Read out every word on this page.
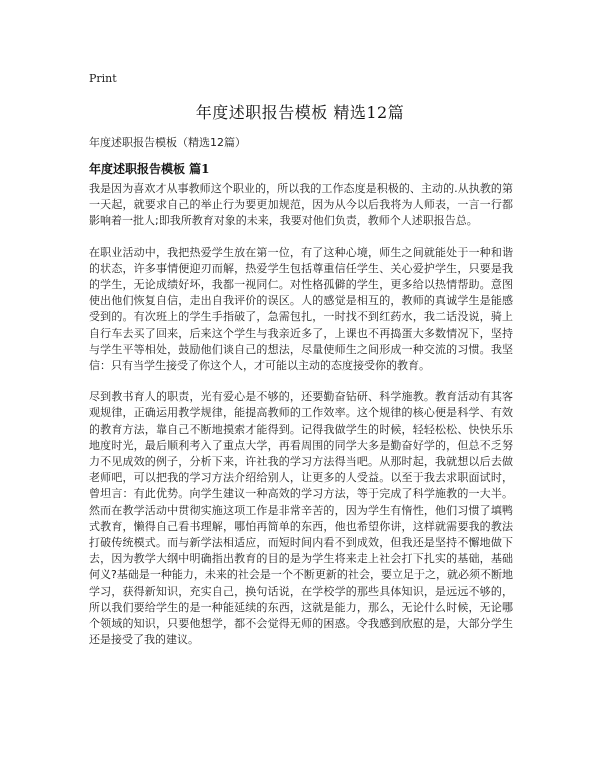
Print
年度述职报告模板 精选12篇
年度述职报告模板（精选12篇）
年度述职报告模板 篇1

我是因为喜欢才从事教师这个职业的，所以我的工作态度是积极的、主动的.从执教的第一天起，就要求自己的举止行为要更加规范，因为从今以后我将为人师表，一言一行都影响着一批人;即我所教育对象的未来，我要对他们负责，教师个人述职报告总。

在职业活动中，我把热爱学生放在第一位，有了这种心境，师生之间就能处于一种和谐的状态，许多事情便迎刃而解，热爱学生包括尊重信任学生、关心爱护学生，只要是我的学生，无论成绩好坏，我都一视同仁。对性格孤僻的学生，更多给以热情帮助。意图使出他们恢复自信，走出自我评价的误区。人的感觉是相互的，教师的真诚学生是能感受到的。有次班上的学生手指破了，急需包扎，一时找不到红药水，我二话没说，骑上自行车去买了回来，后来这个学生与我亲近多了，上课也不再捣蛋大多数情况下，坚持与学生平等相处，鼓励他们谈自己的想法，尽量使师生之间形成一种交流的习惯。我坚信：只有当学生接受了你这个人，才可能以主动的态度接受你的教育。

尽到教书育人的职责，光有爱心是不够的，还要勤奋钻研、科学施教。教育活动有其客观规律，正确运用教学规律，能提高教师的工作效率。这个规律的核心便是科学、有效的教育方法，靠自己不断地摸索才能得到。记得我做学生的时候，轻轻松松、快快乐乐地度时光，最后顺利考入了重点大学，再看周围的同学大多是勤奋好学的，但总不乏努力不见成效的例子，分析下来，许社我的学习方法得当吧。从那时起，我就想以后去做老师吧，可以把我的学习方法介绍给别人，让更多的人受益。以至于我去求职面试时，曾坦言：有此优势。向学生建议一种高效的学习方法，等于完成了科学施教的一大半。然而在教学活动中贯彻实施这项工作是非常辛苦的，因为学生有惰性，他们习惯了填鸭式教育，懒得自己看书理解，哪怕再简单的东西，他也希望你讲，这样就需要我的教法打破传统模式。而与新学法相适应，而短时间内看不到成效，但我还是坚持不懈地做下去，因为教学大纲中明确指出教育的目的是为学生将来走上社会打下扎实的基础，基础何义?基础是一种能力，未来的社会是一个不断更新的社会，要立足于之，就必须不断地学习，获得新知识，充实自己，换句话说，在学校学的那些具体知识，是远远不够的，所以我们要给学生的是一种能延续的东西，这就是能力，那么，无论什么时候，无论哪个领域的知识，只要他想学，都不会觉得无师的困惑。令我感到欣慰的是，大部分学生还是接受了我的建议。
